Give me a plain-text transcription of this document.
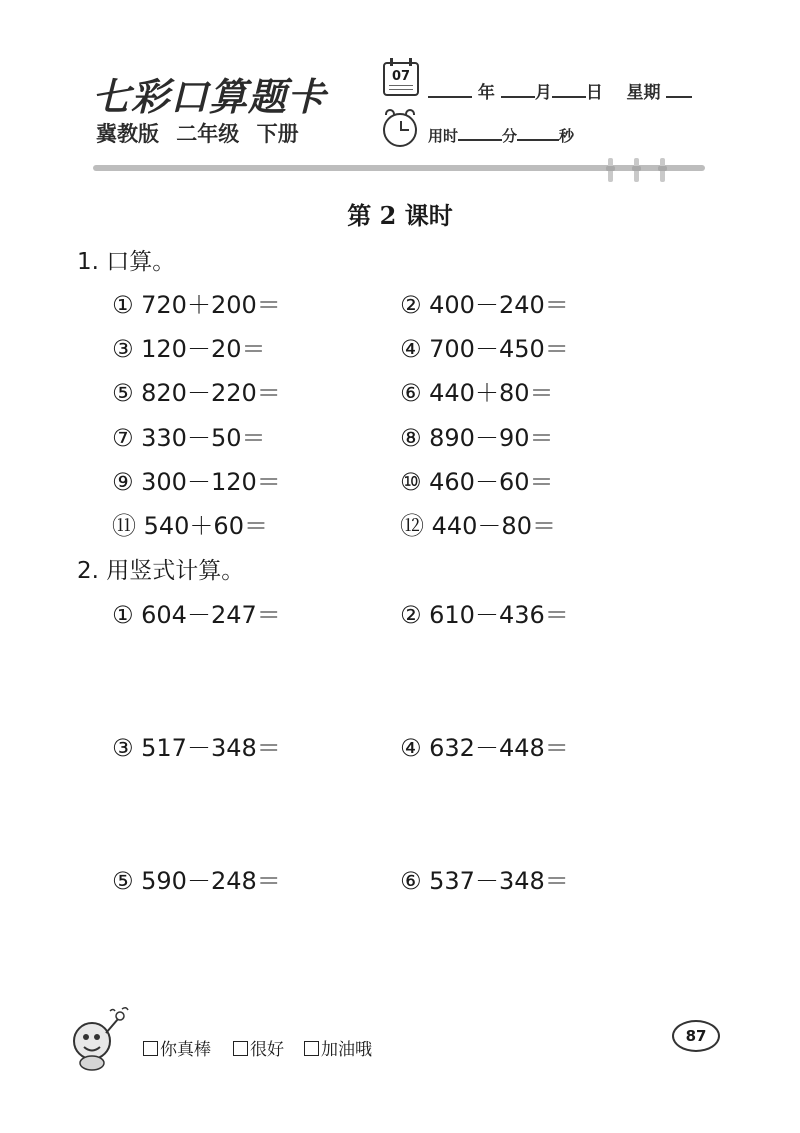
七彩口算题卡
冀教版 二年级 下册
07
年 月 日 星期
用时	分	秒
第 2 课时
1. 口算。
① 720＋200＝	② 400－240＝
③ 120－20＝	④ 700－450＝
⑤ 820－220＝	⑥ 440＋80＝
⑦ 330－50＝	⑧ 890－90＝
⑨ 300－120＝	⑩ 460－60＝
⑪ 540＋60＝	⑫ 440－80＝
2. 用竖式计算。
① 604－247＝	② 610－436＝
③ 517－348＝	④ 632－448＝
⑤ 590－248＝	⑥ 537－348＝
你真棒	很好	加油哦
87
